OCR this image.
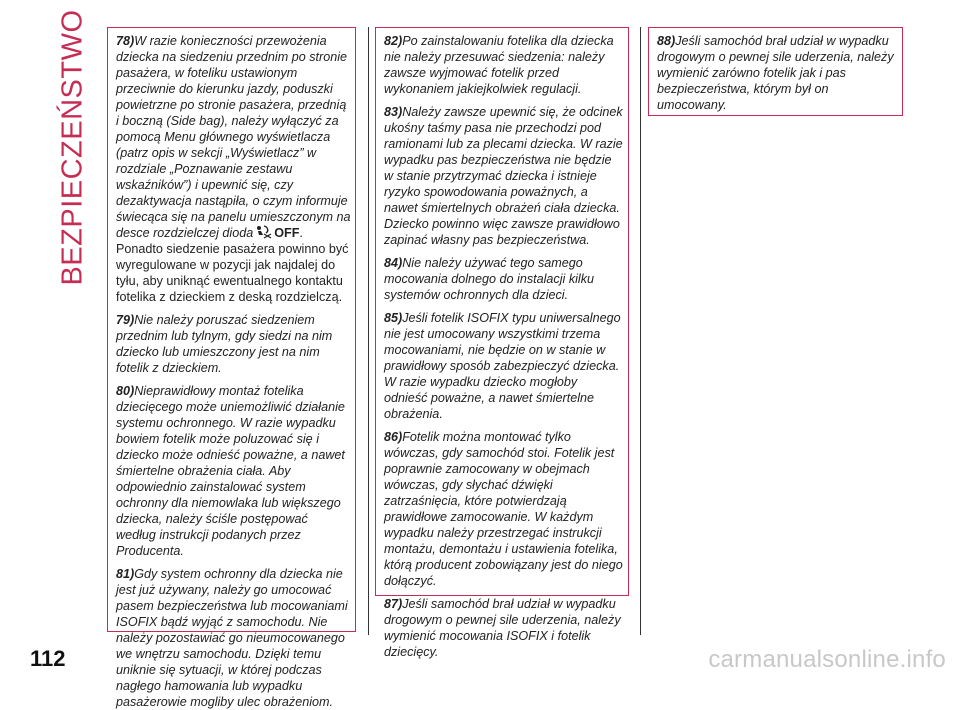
BEZPIECZEŃSTWO 78)W razie konieczności przewożenia dziecka na siedzeniu przednim po stronie pasażera, w foteliku ustawionym przeciwnie do kierunku jazdy, poduszki powietrzne po stronie pasażera, przednią i boczną (Side bag), należy wyłączyć za pomocą Menu głównego wyświetlacza (patrz opis w sekcji „Wyświetlacz” w rozdziale „Poznawanie zestawu wskaźników”) i upewnić się, czy dezaktywacja nastąpiła, o czym informuje świecąca się na panelu umieszczonym na desce rozdzielczej dioda OFF.
Ponadto siedzenie pasażera powinno być wyregulowane w pozycji jak najdalej do tyłu, aby uniknąć ewentualnego kontaktu fotelika z dzieckiem z deską rozdzielczą.

79)Nie należy poruszać siedzeniem przednim lub tylnym, gdy siedzi na nim dziecko lub umieszczony jest na nim fotelik z dzieckiem.

80)Nieprawidłowy montaż fotelika dziecięcego może uniemożliwić działanie systemu ochronnego. W razie wypadku bowiem fotelik może poluzować się i dziecko może odnieść poważne, a nawet śmiertelne obrażenia ciała. Aby odpowiednio zainstalować system ochronny dla niemowlaka lub większego dziecka, należy ściśle postępować według instrukcji podanych przez Producenta.

81)Gdy system ochronny dla dziecka nie jest już używany, należy go umocować pasem bezpieczeństwa lub mocowaniami ISOFIX bądź wyjąć z samochodu. Nie należy pozostawiać go nieumocowanego we wnętrzu samochodu. Dzięki temu uniknie się sytuacji, w której podczas nagłego hamowania lub wypadku pasażerowie mogliby ulec obrażeniom.

82)Po zainstalowaniu fotelika dla dziecka nie należy przesuwać siedzenia: należy zawsze wyjmować fotelik przed wykonaniem jakiejkolwiek regulacji.

83)Należy zawsze upewnić się, że odcinek ukośny taśmy pasa nie przechodzi pod ramionami lub za plecami dziecka. W razie wypadku pas bezpieczeństwa nie będzie w stanie przytrzymać dziecka i istnieje ryzyko spowodowania poważnych, a nawet śmiertelnych obrażeń ciała dziecka. Dziecko powinno więc zawsze prawidłowo zapinać własny pas bezpieczeństwa.

84)Nie należy używać tego samego mocowania dolnego do instalacji kilku systemów ochronnych dla dzieci.

85)Jeśli fotelik ISOFIX typu uniwersalnego nie jest umocowany wszystkimi trzema mocowaniami, nie będzie on w stanie w prawidłowy sposób zabezpieczyć dziecka. W razie wypadku dziecko mogłoby odnieść poważne, a nawet śmiertelne obrażenia.

86)Fotelik można montować tylko wówczas, gdy samochód stoi. Fotelik jest poprawnie zamocowany w obejmach wówczas, gdy słychać dźwięki zatrzaśnięcia, które potwierdzają prawidłowe zamocowanie. W każdym wypadku należy przestrzegać instrukcji montażu, demontażu i ustawienia fotelika, którą producent zobowiązany jest do niego dołączyć.

87)Jeśli samochód brał udział w wypadku drogowym o pewnej sile uderzenia, należy wymienić mocowania ISOFIX i fotelik dziecięcy.

88)Jeśli samochód brał udział w wypadku drogowym o pewnej sile uderzenia, należy wymienić zarówno fotelik jak i pas bezpieczeństwa, którym był on umocowany.

112	carmanualsonline.info
